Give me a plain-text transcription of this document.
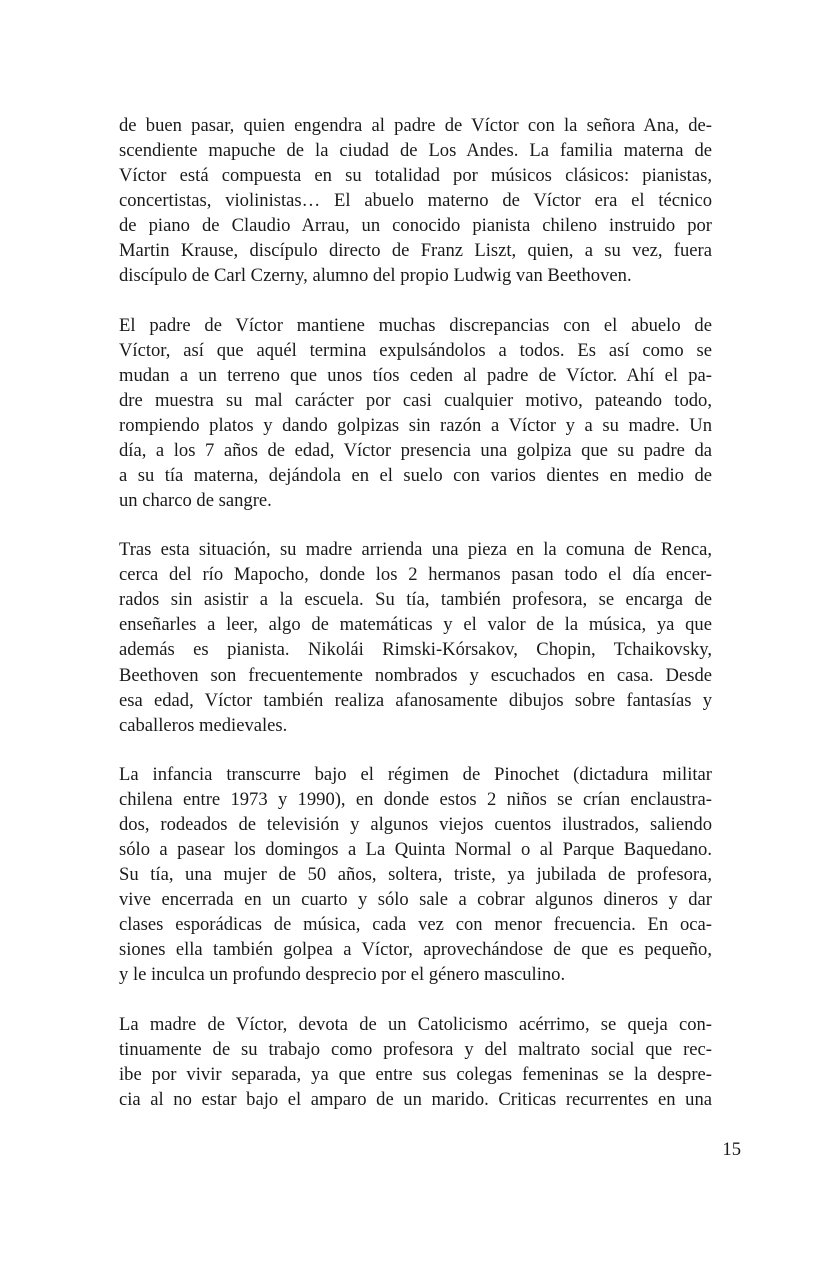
de buen pasar, quien engendra al padre de Víctor con la señora Ana, de-
scendiente mapuche de la ciudad de Los Andes. La familia materna de
Víctor está compuesta en su totalidad por músicos clásicos: pianistas,
concertistas, violinistas… El abuelo materno de Víctor era el técnico
de piano de Claudio Arrau, un conocido pianista chileno instruido por
Martin Krause, discípulo directo de Franz Liszt, quien, a su vez, fuera
discípulo de Carl Czerny, alumno del propio Ludwig van Beethoven.
El padre de Víctor mantiene muchas discrepancias con el abuelo de
Víctor, así que aquél termina expulsándolos a todos. Es así como se
mudan a un terreno que unos tíos ceden al padre de Víctor. Ahí el pa-
dre muestra su mal carácter por casi cualquier motivo, pateando todo,
rompiendo platos y dando golpizas sin razón a Víctor y a su madre. Un
día, a los 7 años de edad, Víctor presencia una golpiza que su padre da
a su tía materna, dejándola en el suelo con varios dientes en medio de
un charco de sangre.
Tras esta situación, su madre arrienda una pieza en la comuna de Renca,
cerca del río Mapocho, donde los 2 hermanos pasan todo el día encer-
rados sin asistir a la escuela. Su tía, también profesora, se encarga de
enseñarles a leer, algo de matemáticas y el valor de la música, ya que
además es pianista. Nikolái Rimski-Kórsakov, Chopin, Tchaikovsky,
Beethoven son frecuentemente nombrados y escuchados en casa. Desde
esa edad, Víctor también realiza afanosamente dibujos sobre fantasías y
caballeros medievales.
La infancia transcurre bajo el régimen de Pinochet (dictadura militar
chilena entre 1973 y 1990), en donde estos 2 niños se crían enclaustra-
dos, rodeados de televisión y algunos viejos cuentos ilustrados, saliendo
sólo a pasear los domingos a La Quinta Normal o al Parque Baquedano.
Su tía, una mujer de 50 años, soltera, triste, ya jubilada de profesora,
vive encerrada en un cuarto y sólo sale a cobrar algunos dineros y dar
clases esporádicas de música, cada vez con menor frecuencia. En oca-
siones ella también golpea a Víctor, aprovechándose de que es pequeño,
y le inculca un profundo desprecio por el género masculino.
La madre de Víctor, devota de un Catolicismo acérrimo, se queja con-
tinuamente de su trabajo como profesora y del maltrato social que rec-
ibe por vivir separada, ya que entre sus colegas femeninas se la despre-
cia al no estar bajo el amparo de un marido. Criticas recurrentes en una

15
